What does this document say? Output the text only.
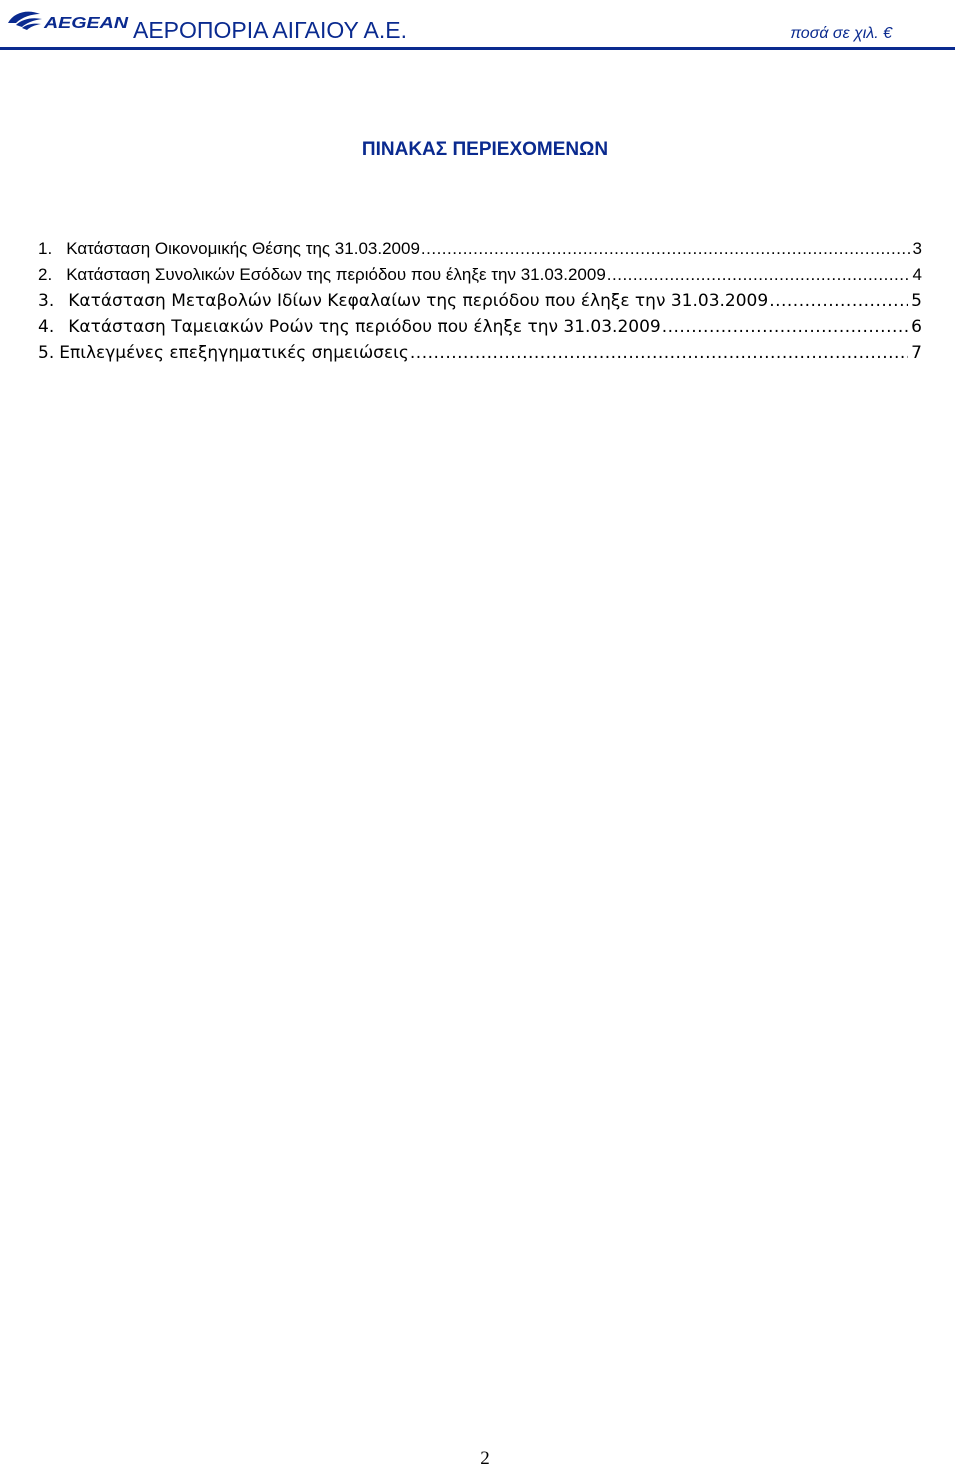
AEGEAN ΑΕΡΟΠΟΡΙΑ ΑΙΓΑΙΟΥ Α.Ε.	ποσά σε χιλ. €
ΠΙΝΑΚΑΣ ΠΕΡΙΕΧΟΜΕΝΩΝ
1. Κατάσταση Οικονομικής Θέσης της 31.03.2009 .....	3
2. Κατάσταση Συνολικών Εσόδων της περιόδου που έληξε την 31.03.2009 .....	4
3. Κατάσταση Μεταβολών Ιδίων Κεφαλαίων της περιόδου που έληξε την 31.03.2009 .....	5
4. Κατάσταση Ταμειακών Ροών της περιόδου που έληξε την 31.03.2009 .....	6
5. Επιλεγμένες επεξηγηματικές σημειώσεις .....	7
2
